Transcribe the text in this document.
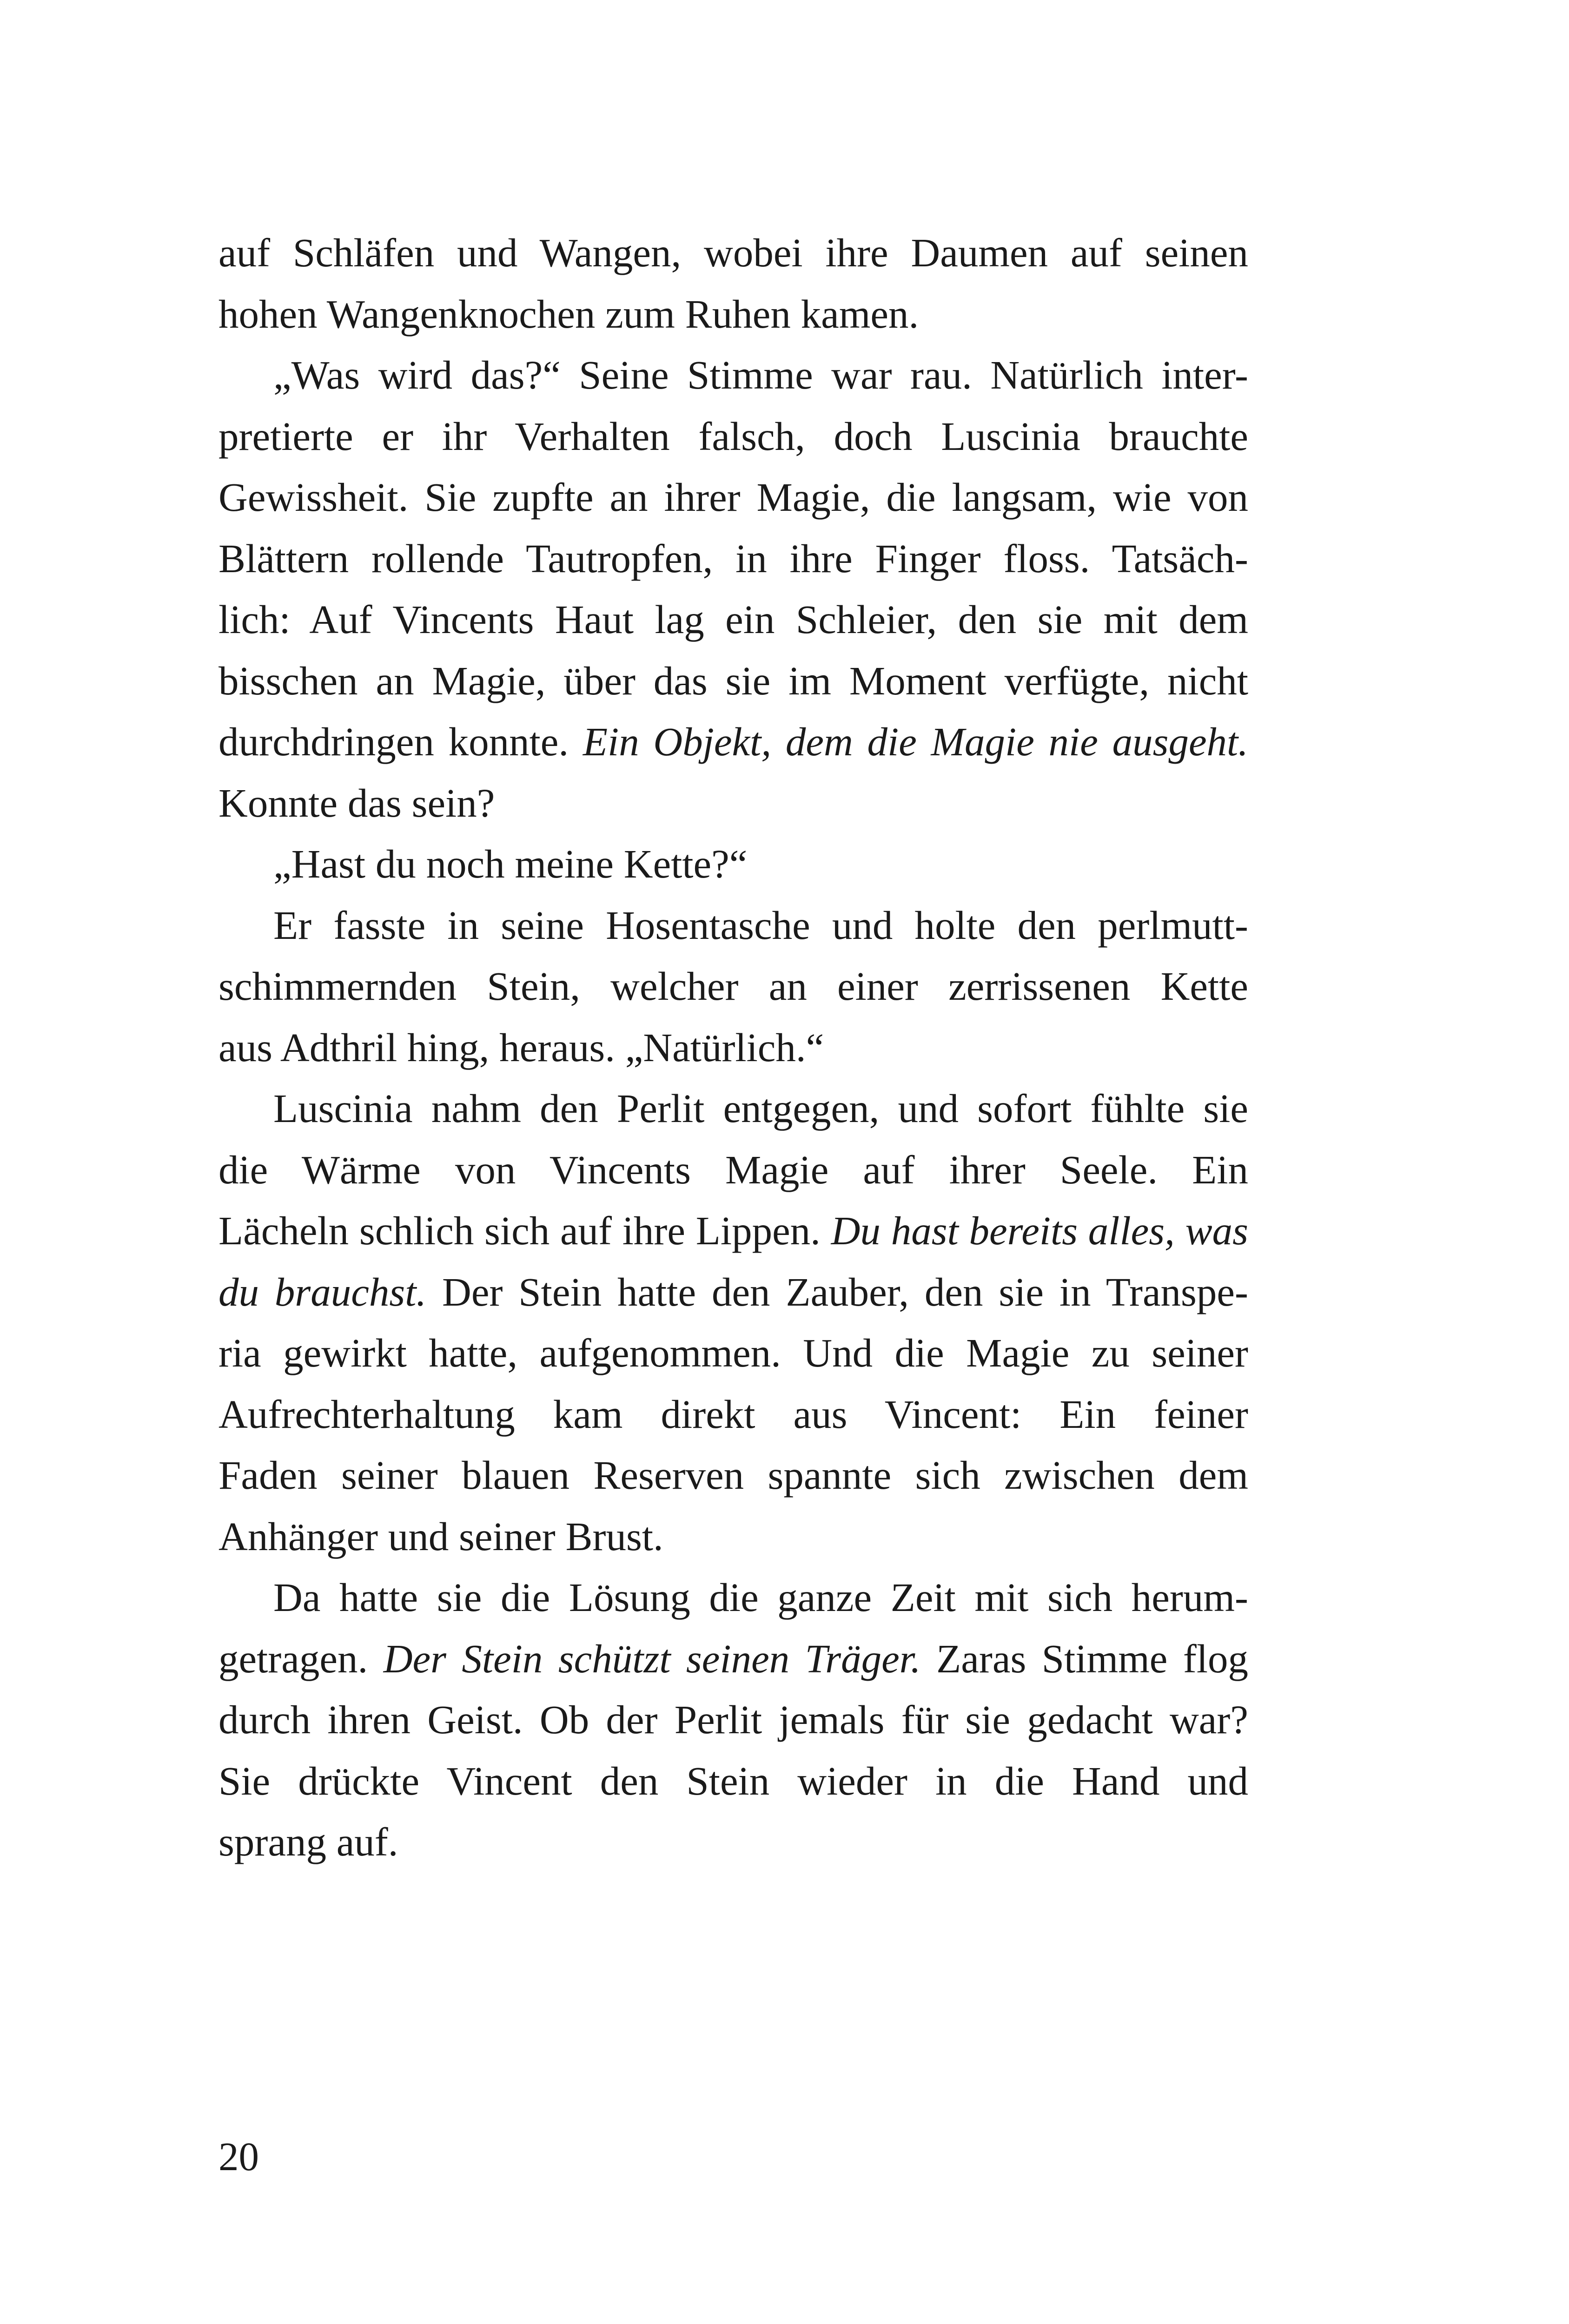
auf Schläfen und Wangen, wobei ihre Daumen auf seinen
hohen Wangenknochen zum Ruhen kamen.

„Was wird das?“ Seine Stimme war rau. Natürlich inter-
pretierte er ihr Verhalten falsch, doch Luscinia brauchte
Gewissheit. Sie zupfte an ihrer Magie, die langsam, wie von
Blättern rollende Tautropfen, in ihre Finger floss. Tatsäch-
lich: Auf Vincents Haut lag ein Schleier, den sie mit dem
bisschen an Magie, über das sie im Moment verfügte, nicht
durchdringen konnte. Ein Objekt, dem die Magie nie ausgeht.
Konnte das sein?

„Hast du noch meine Kette?“

Er fasste in seine Hosentasche und holte den perlmutt-
schimmernden Stein, welcher an einer zerrissenen Kette
aus Adthril hing, heraus. „Natürlich.“

Luscinia nahm den Perlit entgegen, und sofort fühlte sie
die Wärme von Vincents Magie auf ihrer Seele. Ein
Lächeln schlich sich auf ihre Lippen. Du hast bereits alles, was
du brauchst. Der Stein hatte den Zauber, den sie in Transpe-
ria gewirkt hatte, aufgenommen. Und die Magie zu seiner
Aufrechterhaltung kam direkt aus Vincent: Ein feiner
Faden seiner blauen Reserven spannte sich zwischen dem
Anhänger und seiner Brust.

Da hatte sie die Lösung die ganze Zeit mit sich herum-
getragen. Der Stein schützt seinen Träger. Zaras Stimme flog
durch ihren Geist. Ob der Perlit jemals für sie gedacht war?
Sie drückte Vincent den Stein wieder in die Hand und
sprang auf.

20
